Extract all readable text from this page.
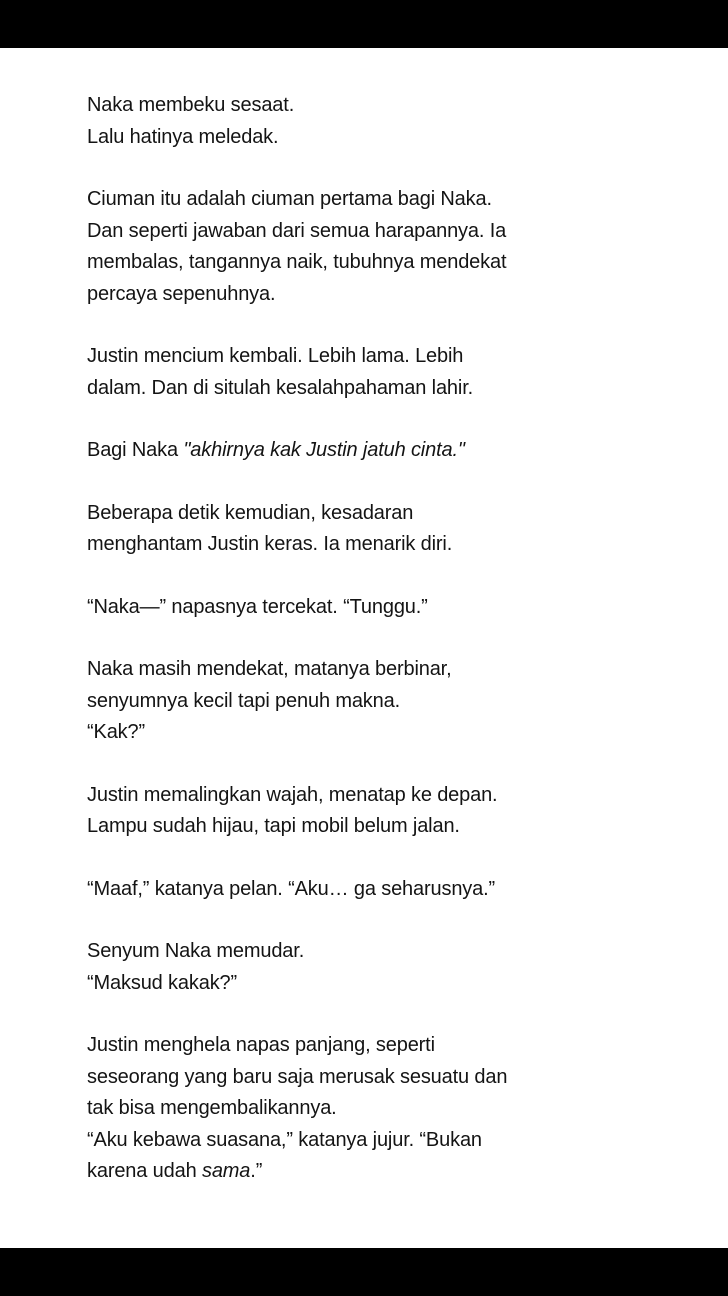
Naka membeku sesaat.
Lalu hatinya meledak.

Ciuman itu adalah ciuman pertama bagi Naka.
Dan seperti jawaban dari semua harapannya. Ia
membalas, tangannya naik, tubuhnya mendekat
percaya sepenuhnya.

Justin mencium kembali. Lebih lama. Lebih
dalam. Dan di situlah kesalahpahaman lahir.

Bagi Naka "akhirnya kak Justin jatuh cinta."

Beberapa detik kemudian, kesadaran
menghantam Justin keras. Ia menarik diri.

“Naka—” napasnya tercekat. “Tunggu.”

Naka masih mendekat, matanya berbinar,
senyumnya kecil tapi penuh makna.
“Kak?”

Justin memalingkan wajah, menatap ke depan.
Lampu sudah hijau, tapi mobil belum jalan.

“Maaf,” katanya pelan. “Aku… ga seharusnya.”

Senyum Naka memudar.
“Maksud kakak?”

Justin menghela napas panjang, seperti
seseorang yang baru saja merusak sesuatu dan
tak bisa mengembalikannya.
“Aku kebawa suasana,” katanya jujur. “Bukan
karena udah sama.”
